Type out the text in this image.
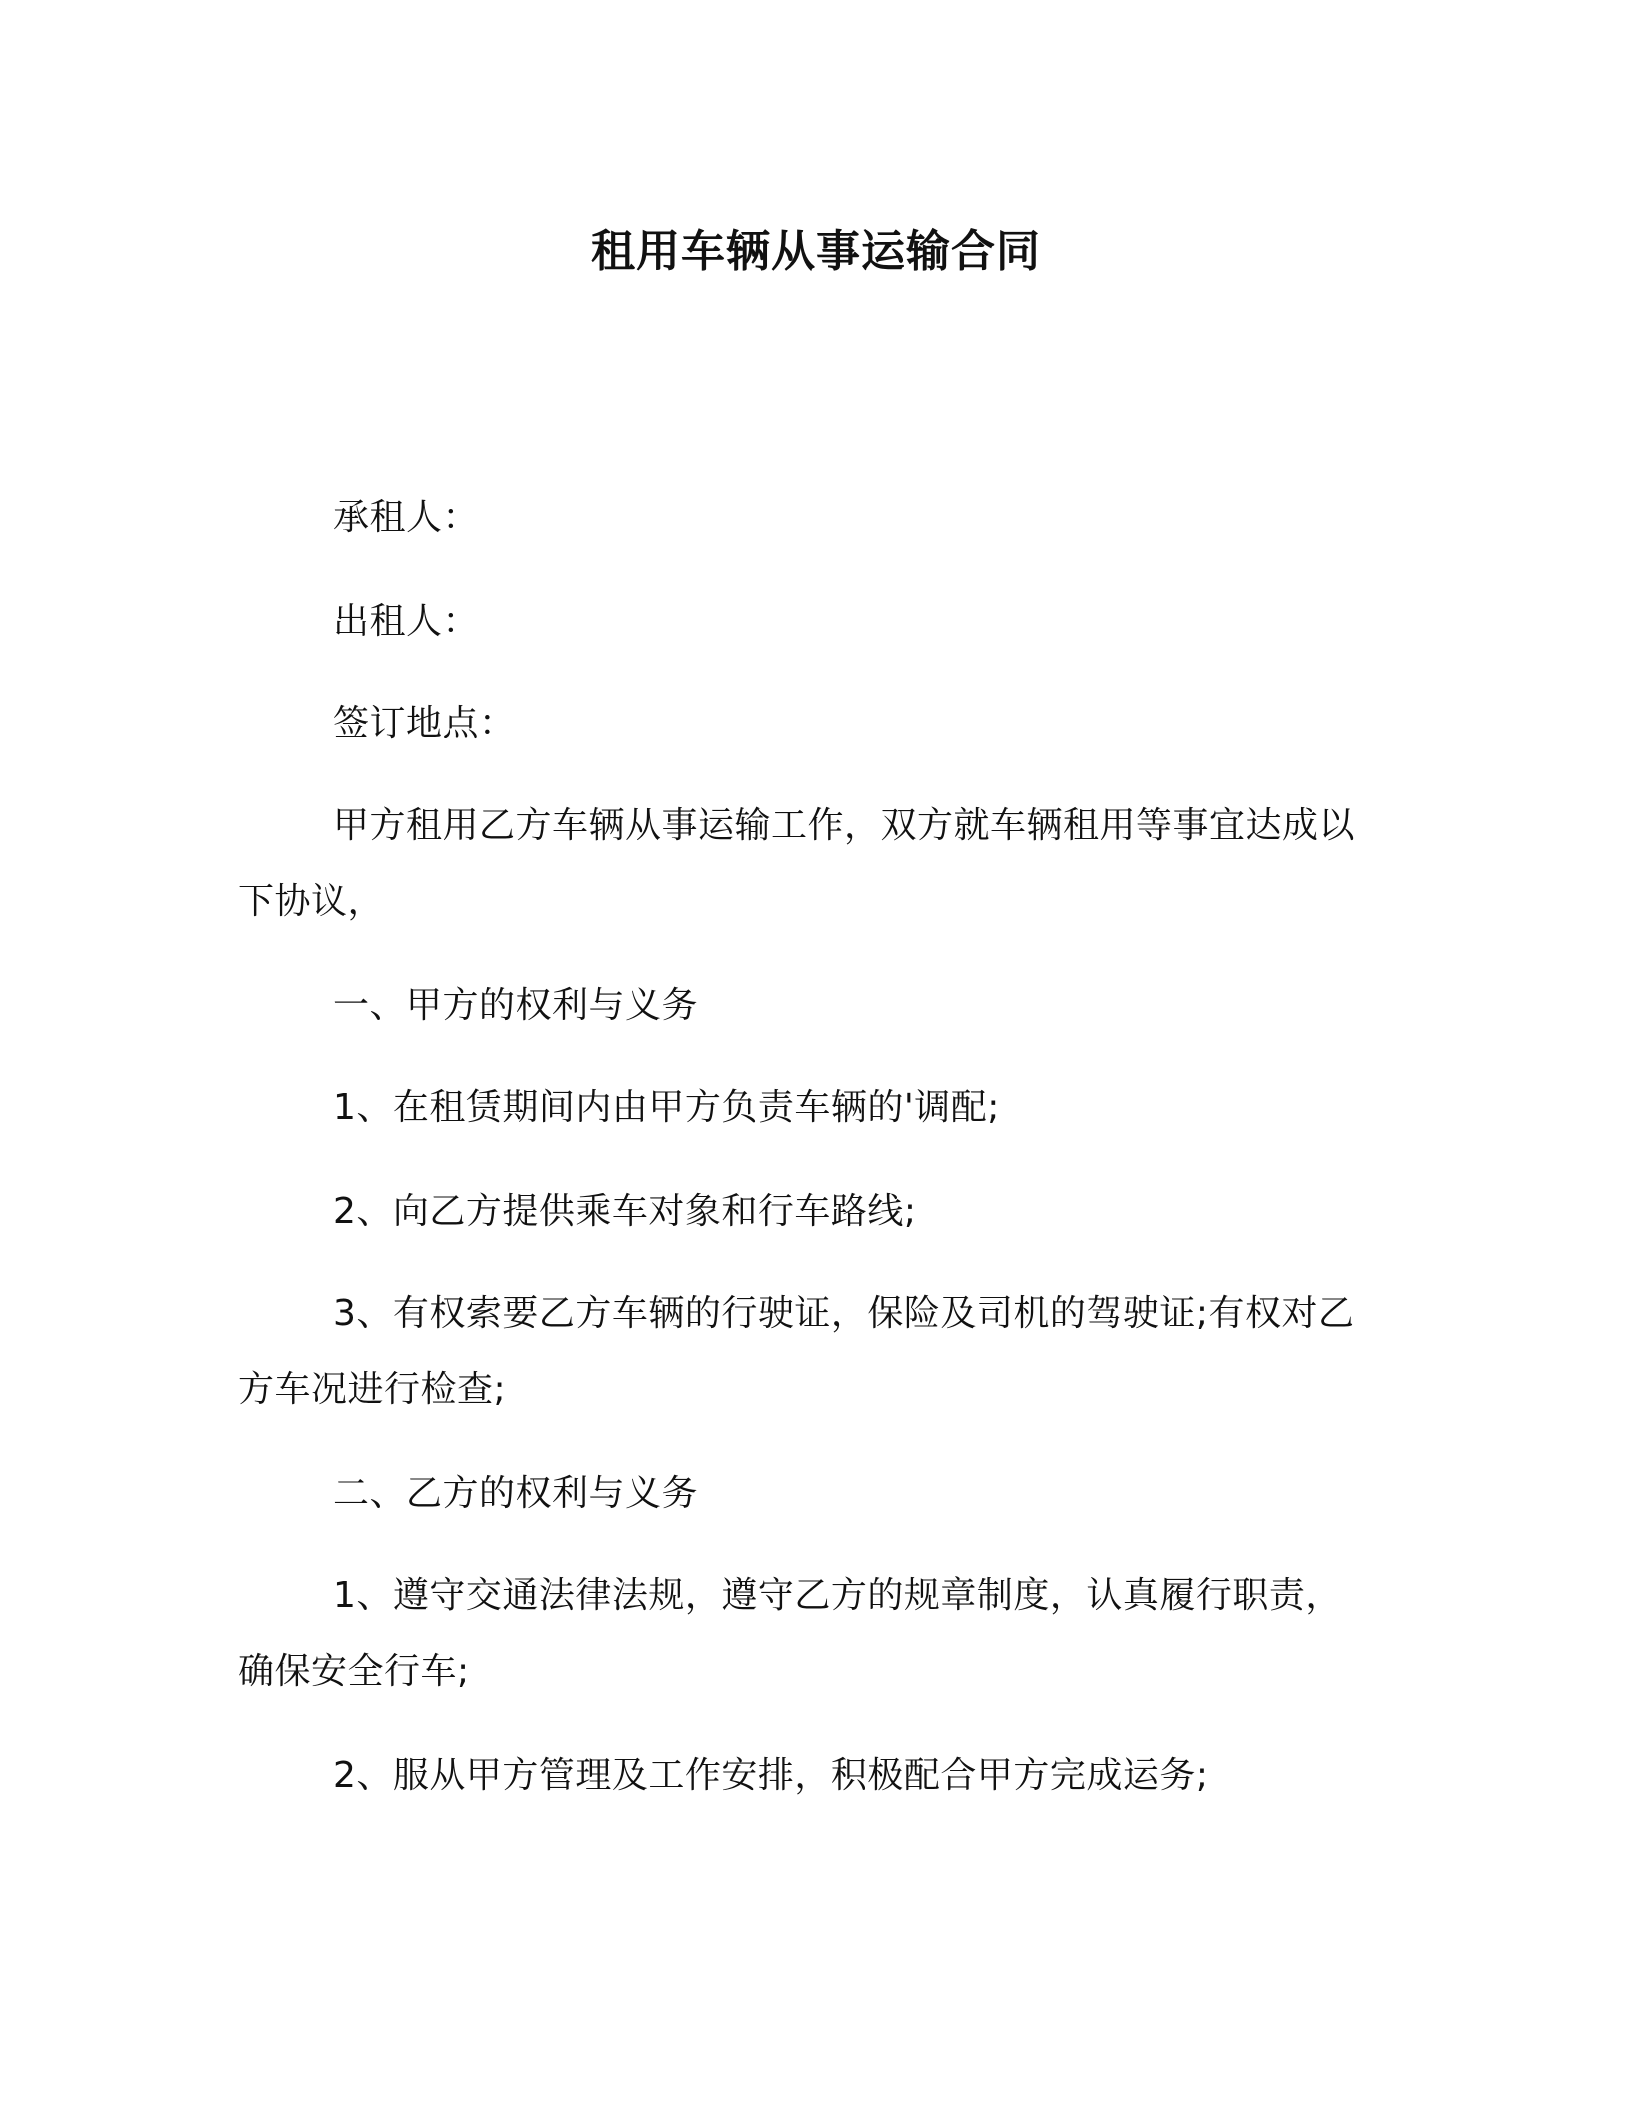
租用车辆从事运输合同
承租人：
出租人：
签订地点：
甲方租用乙方车辆从事运输工作，双方就车辆租用等事宜达成以
下协议，
一、甲方的权利与义务
1、在租赁期间内由甲方负责车辆的'调配;
2、向乙方提供乘车对象和行车路线;
3、有权索要乙方车辆的行驶证，保险及司机的驾驶证;有权对乙
方车况进行检查;
二、乙方的权利与义务
1、遵守交通法律法规，遵守乙方的规章制度，认真履行职责，
确保安全行车;
2、服从甲方管理及工作安排，积极配合甲方完成运务;
